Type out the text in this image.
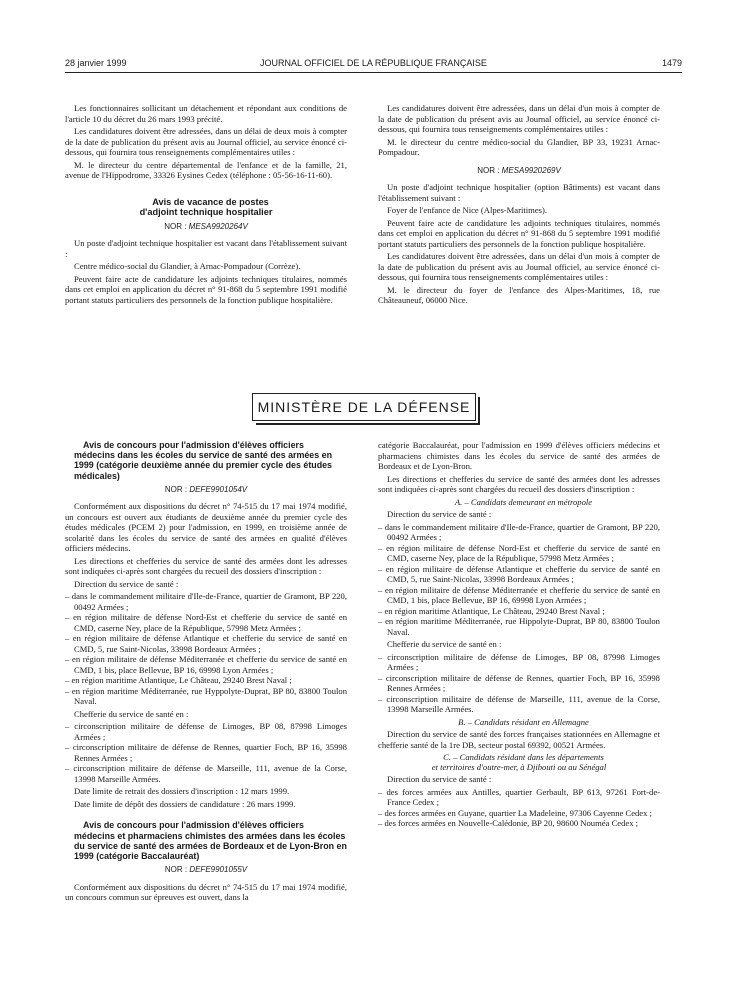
28 janvier 1999	JOURNAL OFFICIEL DE LA RÉPUBLIQUE FRANÇAISE	1479

Les fonctionnaires sollicitant un détachement et répondant aux conditions de l'article 10 du décret du 26 mars 1993 précité.

Les candidatures doivent être adressées, dans un délai de deux mois à compter de la date de publication du présent avis au Journal officiel, au service énoncé ci-dessous, qui fournira tous renseignements complémentaires utiles :

M. le directeur du centre départemental de l'enfance et de la famille, 21, avenue de l'Hippodrome, 33326 Eysines Cedex (téléphone : 05-56-16-11-60).

Avis de vacance de postes
d'adjoint technique hospitalier

NOR : MESA9920264V

Un poste d'adjoint technique hospitalier est vacant dans l'établissement suivant :

Centre médico-social du Glandier, à Arnac-Pompadour (Corrèze).

Peuvent faire acte de candidature les adjoints techniques titulaires, nommés dans cet emploi en application du décret n° 91-868 du 5 septembre 1991 modifié portant statuts particuliers des personnels de la fonction publique hospitalière.

Les candidatures doivent être adressées, dans un délai d'un mois à compter de la date de publication du présent avis au Journal officiel, au service énoncé ci-dessous, qui fournira tous renseignements complémentaires utiles :

M. le directeur du centre médico-social du Glandier, BP 33, 19231 Arnac-Pompadour.

NOR : MESA9920269V

Un poste d'adjoint technique hospitalier (option Bâtiments) est vacant dans l'établissement suivant :

Foyer de l'enfance de Nice (Alpes-Maritimes).

Peuvent faire acte de candidature les adjoints techniques titulaires, nommés dans cet emploi en application du décret n° 91-868 du 5 septembre 1991 modifié portant statuts particuliers des personnels de la fonction publique hospitalière.

Les candidatures doivent être adressées, dans un délai d'un mois à compter de la date de publication du présent avis au Journal officiel, au service énoncé ci-dessous, qui fournira tous renseignements complémentaires utiles :

M. le directeur du foyer de l'enfance des Alpes-Maritimes, 18, rue Châteauneuf, 06000 Nice.

MINISTÈRE DE LA DÉFENSE

Avis de concours pour l'admission d'élèves officiers médecins dans les écoles du service de santé des armées en 1999 (catégorie deuxième année du premier cycle des études médicales)

NOR : DEFE9901054V

Conformément aux dispositions du décret n° 74-515 du 17 mai 1974 modifié, un concours est ouvert aux étudiants de deuxième année du premier cycle des études médicales (PCEM 2) pour l'admission, en 1999, en troisième année de scolarité dans les écoles du service de santé des armées en qualité d'élèves officiers médecins.

Les directions et chefferies du service de santé des armées dont les adresses sont indiquées ci-après sont chargées du recueil des dossiers d'inscription :

Direction du service de santé :

– dans le commandement militaire d'Ile-de-France, quartier de Gramont, BP 220, 00492 Armées ;
– en région militaire de défense Nord-Est et chefferie du service de santé en CMD, caserne Ney, place de la République, 57998 Metz Armées ;
– en région militaire de défense Atlantique et chefferie du service de santé en CMD, 5, rue Saint-Nicolas, 33998 Bordeaux Armées ;
– en région militaire de défense Méditerranée et chefferie du service de santé en CMD, 1 bis, place Bellevue, BP 16, 69998 Lyon Armées ;
– en région maritime Atlantique, Le Château, 29240 Brest Naval ;
– en région maritime Méditerranée, rue Hyppolyte-Duprat, BP 80, 83800 Toulon Naval.

Chefferie du service de santé en :

– circonscription militaire de défense de Limoges, BP 08, 87998 Limoges Armées ;
– circonscription militaire de défense de Rennes, quartier Foch, BP 16, 35998 Rennes Armées ;
– circonscription militaire de défense de Marseille, 111, avenue de la Corse, 13998 Marseille Armées.

Date limite de retrait des dossiers d'inscription : 12 mars 1999.

Date limite de dépôt des dossiers de candidature : 26 mars 1999.

Avis de concours pour l'admission d'élèves officiers médecins et pharmaciens chimistes des armées dans les écoles du service de santé des armées de Bordeaux et de Lyon-Bron en 1999 (catégorie Baccalauréat)

NOR : DEFE9901055V

Conformément aux dispositions du décret n° 74-515 du 17 mai 1974 modifié, un concours commun sur épreuves est ouvert, dans la

catégorie Baccalauréat, pour l'admission en 1999 d'élèves officiers médecins et pharmaciens chimistes dans les écoles du service de santé des armées de Bordeaux et de Lyon-Bron.

Les directions et chefferies du service de santé des armées dont les adresses sont indiquées ci-après sont chargées du recueil des dossiers d'inscription :

A. – Candidats demeurant en métropole

Direction du service de santé :

– dans le commandement militaire d'Ile-de-France, quartier de Gramont, BP 220, 00492 Armées ;
– en région militaire de défense Nord-Est et chefferie du service de santé en CMD, caserne Ney, place de la République, 57998 Metz Armées ;
– en région militaire de défense Atlantique et chefferie du service de santé en CMD, 5, rue Saint-Nicolas, 33998 Bordeaux Armées ;
– en région militaire de défense Méditerranée et chefferie du service de santé en CMD, 1 bis, place Bellevue, BP 16, 69998 Lyon Armées ;
– en région maritime Atlantique, Le Château, 29240 Brest Naval ;
– en région maritime Méditerranée, rue Hippolyte-Duprat, BP 80, 83800 Toulon Naval.

Chefferie du service de santé en :

– circonscription militaire de défense de Limoges, BP 08, 87998 Limoges Armées ;
– circonscription militaire de défense de Rennes, quartier Foch, BP 16, 35998 Rennes Armées ;
– circonscription militaire de défense de Marseille, 111, avenue de la Corse, 13998 Marseille Armées.

B. – Candidats résidant en Allemagne

Direction du service de santé des forces françaises stationnées en Allemagne et chefferie santé de la 1re DB, secteur postal 69392, 00521 Armées.

C. – Candidats résidant dans les départements
et territoires d'outre-mer, à Djibouti ou au Sénégal

Direction du service de santé :

– des forces armées aux Antilles, quartier Gerbault, BP 613, 97261 Fort-de-France Cedex ;
– des forces armées en Guyane, quartier La Madeleine, 97306 Cayenne Cedex ;
– des forces armées en Nouvelle-Calédonie, BP 20, 98600 Nouméa Cedex ;
